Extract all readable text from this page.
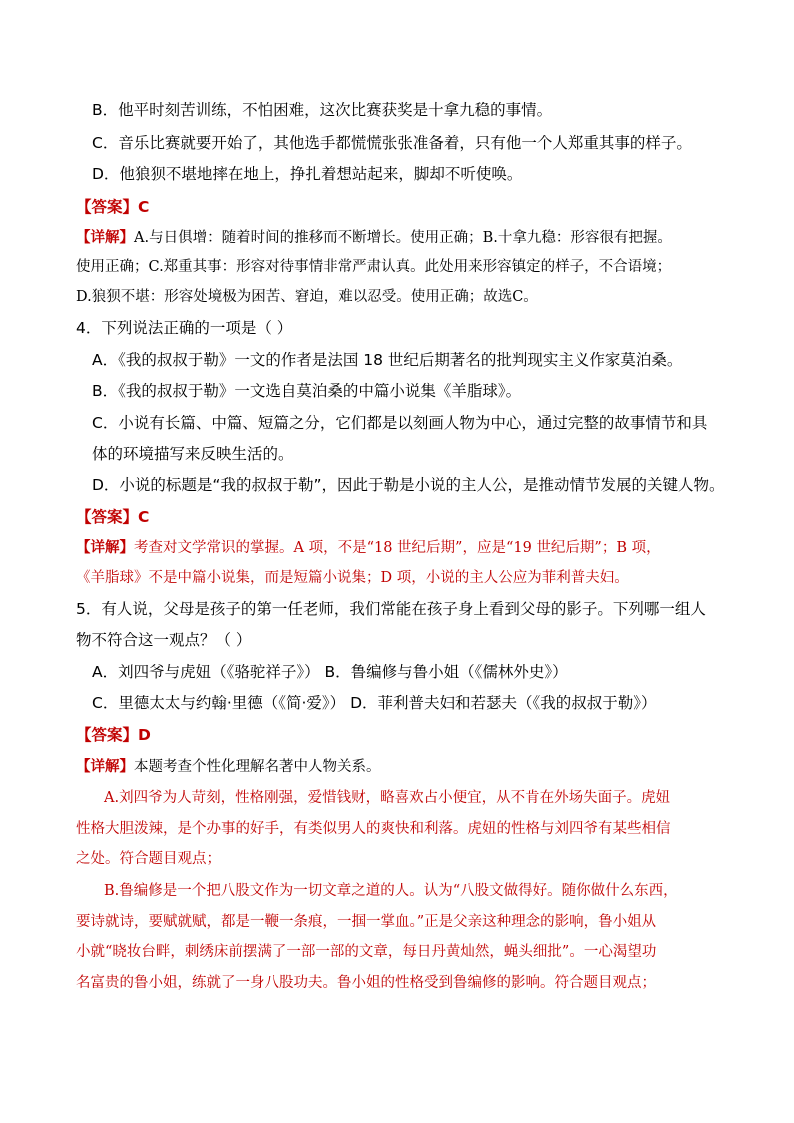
B．他平时刻苦训练，不怕困难，这次比赛获奖是十拿九稳的事情。
C．音乐比赛就要开始了，其他选手都慌慌张张准备着，只有他一个人郑重其事的样子。
D．他狼狈不堪地摔在地上，挣扎着想站起来，脚却不听使唤。
【答案】C
【详解】A.与日俱增：随着时间的推移而不断增长。使用正确；B.十拿九稳：形容很有把握。
使用正确；C.郑重其事：形容对待事情非常严肃认真。此处用来形容镇定的样子，不合语境；
D.狼狈不堪：形容处境极为困苦、窘迫，难以忍受。使用正确；故选C。
4．下列说法正确的一项是（ ）
A．《我的叔叔于勒》一文的作者是法国 18 世纪后期著名的批判现实主义作家莫泊桑。
B．《我的叔叔于勒》一文选自莫泊桑的中篇小说集《羊脂球》。
C．小说有长篇、中篇、短篇之分，它们都是以刻画人物为中心，通过完整的故事情节和具
体的环境描写来反映生活的。
D．小说的标题是“我的叔叔于勒”，因此于勒是小说的主人公，是推动情节发展的关键人物。
【答案】C
【详解】考查对文学常识的掌握。A 项，不是“18 世纪后期”，应是“19 世纪后期”；B 项，
《羊脂球》不是中篇小说集，而是短篇小说集；D 项，小说的主人公应为菲利普夫妇。
5．有人说，父母是孩子的第一任老师，我们常能在孩子身上看到父母的影子。下列哪一组人
物不符合这一观点？（ ）
A．刘四爷与虎妞（《骆驼祥子》） B．鲁编修与鲁小姐（《儒林外史》）
C．里德太太与约翰·里德（《简·爱》） D．菲利普夫妇和若瑟夫（《我的叔叔于勒》）
【答案】D
【详解】本题考查个性化理解名著中人物关系。
A.刘四爷为人苛刻，性格刚强，爱惜钱财，略喜欢占小便宜，从不肯在外场失面子。虎妞
性格大胆泼辣，是个办事的好手，有类似男人的爽快和利落。虎妞的性格与刘四爷有某些相信
之处。符合题目观点；
B.鲁编修是一个把八股文作为一切文章之道的人。认为“八股文做得好。随你做什么东西，
要诗就诗，要赋就赋，都是一鞭一条痕，一掴一掌血。”正是父亲这种理念的影响，鲁小姐从
小就“晓妆台畔，刺绣床前摆满了一部一部的文章，每日丹黄灿然，蝇头细批”。一心渴望功
名富贵的鲁小姐，练就了一身八股功夫。鲁小姐的性格受到鲁编修的影响。符合题目观点；
